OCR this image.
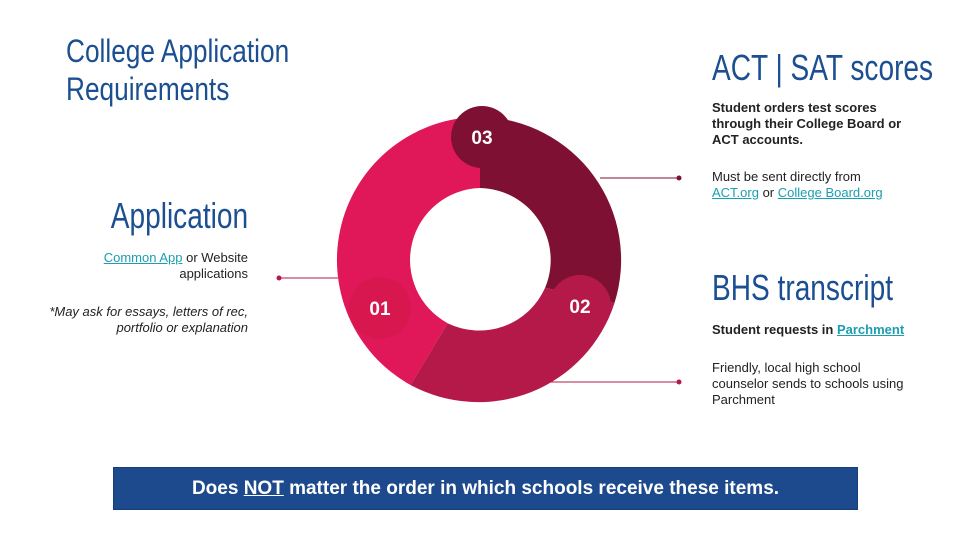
College Application
Requirements
03
01	02
Application

Common App or Website

applications

*May ask for essays, letters of rec,

portfolio or explanation

ACT | SAT scores

Student orders test scores

through their College Board or

ACT accounts.

Must be sent directly from

ACT.org or College Board.org

BHS transcript

Student requests in Parchment

Friendly, local high school

counselor sends to schools using

Parchment

Does NOT matter the order in which schools receive these items.
